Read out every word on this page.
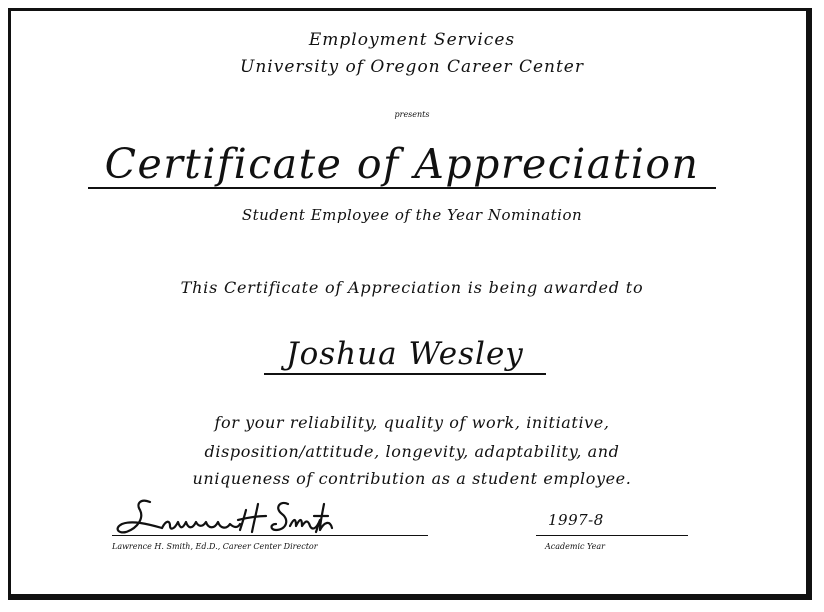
Employment Services
University of Oregon Career Center
presents
Certificate of Appreciation
Student Employee of the Year Nomination
This Certificate of Appreciation is being awarded to
Joshua Wesley
for your reliability, quality of work, initiative,
disposition/attitude, longevity, adaptability, and
uniqueness of contribution as a student employee.
Lawrence H. Smith, Ed.D., Career Center Director
1997-8
Academic Year
